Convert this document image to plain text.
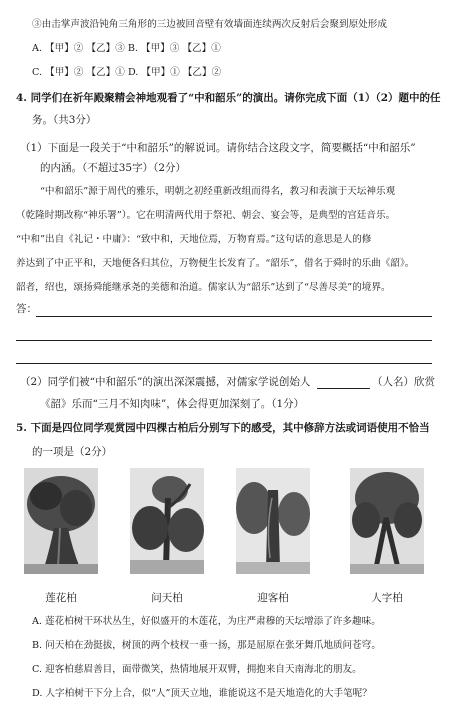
③由击掌声波沿钝角三角形的三边被回音壁有效墙面连续两次反射后会聚到原处形成
A. 【甲】② 【乙】③ B. 【甲】③ 【乙】①
C. 【甲】② 【乙】① D. 【甲】① 【乙】②
4. 同学们在祈年殿聚精会神地观看了“中和韶乐”的演出。请你完成下面（1）（2）题中的任
务。（共3分）
（1）下面是一段关于“中和韶乐”的解说词。请你结合这段文字，简要概括“中和韶乐”
的内涵。（不超过35字）（2分）
“中和韶乐”源于周代的雅乐，明朝之初经重新改组而得名，教习和表演于天坛神乐观
（乾隆时期改称“神乐署”）。它在明清两代用于祭祀、朝会、宴会等，是典型的宫廷音乐。
“中和”出自《礼记・中庸》：“致中和，天地位焉，万物育焉。”这句话的意思是人的修
养达到了中正平和，天地便各归其位，万物便生长发育了。“韶乐”，借名于舜时的乐曲《韶》。
韶者，绍也，颂扬舜能继承尧的美德和治道。儒家认为“韶乐”达到了“尽善尽美”的境界。
答：
（2）同学们被“中和韶乐”的演出深深震撼，对儒家学说创始人	（人名）欣赏
《韶》乐而“三月不知肉味”，体会得更加深刻了。（1分）
5. 下面是四位同学观赏园中四棵古柏后分别写下的感受，其中修辞方法或词语使用不恰当
的一项是（2分）
莲花柏	问天柏	迎客柏	人字柏
A. 莲花柏树干环状丛生，好似盛开的木莲花，为庄严肃穆的天坛增添了许多趣味。
B. 问天柏在劲挺拔，树顶的两个枝杈一垂一扬，那是屈原在张牙舞爪地质问苍穹。
C. 迎客柏慈眉善目，面带微笑，热情地展开双臂，拥抱来自天南海北的朋友。
D. 人字柏树干下分上合，似“人”顶天立地，谁能说这不是天地造化的大手笔呢？
